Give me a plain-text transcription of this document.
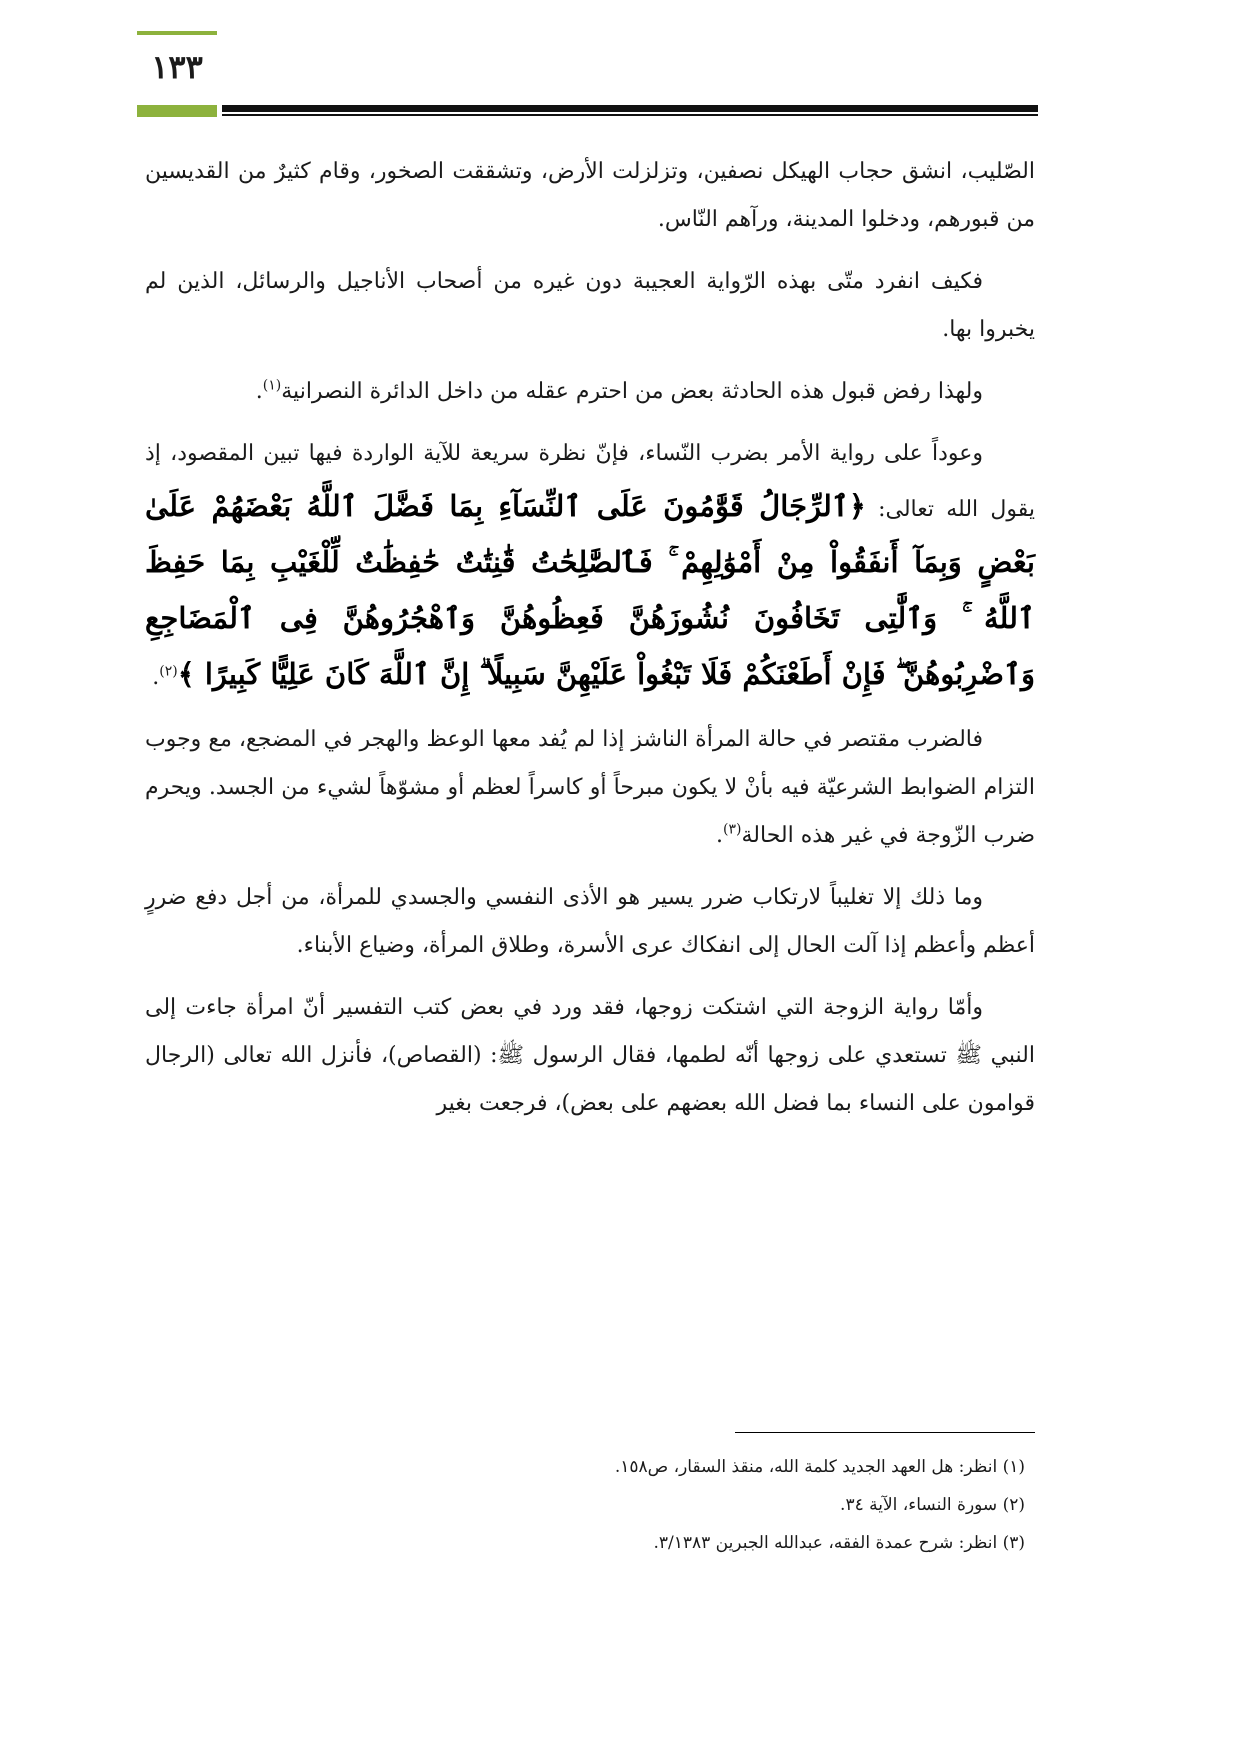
١٣٣

الصّليب، انشق حجاب الهيكل نصفين، وتزلزلت الأرض، وتشققت الصخور، وقام كثيرٌ من القديسين من قبورهم، ودخلوا المدينة، ورآهم النّاس.

فكيف انفرد متّى بهذه الرّواية العجيبة دون غيره من أصحاب الأناجيل والرسائل، الذين لم يخبروا بها.

ولهذا رفض قبول هذه الحادثة بعض من احترم عقله من داخل الدائرة النصرانية$^{(١)}$.

وعوداً على رواية الأمر بضرب النّساء، فإنّ نظرة سريعة للآية الواردة فيها تبين المقصود، إذ يقول الله تعالى: ﴿ٱلرِّجَالُ قَوَّٰمُونَ عَلَى ٱلنِّسَآءِ بِمَا فَضَّلَ ٱللَّهُ بَعْضَهُمْ عَلَىٰ بَعْضٍ وَبِمَآ أَنفَقُواْ مِنْ أَمْوَٰلِهِمْ ۚ فَٱلصَّٰلِحَٰتُ قَٰنِتَٰتٌ حَٰفِظَٰتٌ لِّلْغَيْبِ بِمَا حَفِظَ ٱللَّهُ ۚ وَٱلَّٰتِى تَخَافُونَ نُشُوزَهُنَّ فَعِظُوهُنَّ وَٱهْجُرُوهُنَّ فِى ٱلْمَضَاجِعِ وَٱضْرِبُوهُنَّ ۖ فَإِنْ أَطَعْنَكُمْ فَلَا تَبْغُواْ عَلَيْهِنَّ سَبِيلًا ۗ إِنَّ ٱللَّهَ كَانَ عَلِيًّا كَبِيرًا ﴾$^{(٢)}$.

فالضرب مقتصر في حالة المرأة الناشز إذا لم يُفد معها الوعظ والهجر في المضجع، مع وجوب التزام الضوابط الشرعيّة فيه بأنْ لا يكون مبرحاً أو كاسراً لعظم أو مشوّهاً لشيء من الجسد. ويحرم ضرب الزّوجة في غير هذه الحالة$^{(٣)}$.

وما ذلك إلا تغليباً لارتكاب ضرر يسير هو الأذى النفسي والجسدي للمرأة، من أجل دفع ضررٍ أعظم وأعظم إذا آلت الحال إلى انفكاك عرى الأسرة، وطلاق المرأة، وضياع الأبناء.

وأمّا رواية الزوجة التي اشتكت زوجها، فقد ورد في بعض كتب التفسير أنّ امرأة جاءت إلى النبي ﷺ تستعدي على زوجها أنّه لطمها، فقال الرسول ﷺ: (القصاص)، فأنزل الله تعالى (الرجال قوامون على النساء بما فضل الله بعضهم على بعض)، فرجعت بغير

(١) انظر: هل العهد الجديد كلمة الله، منقذ السقار، ص١٥٨.

(٢) سورة النساء، الآية ٣٤.

(٣) انظر: شرح عمدة الفقه، عبدالله الجبرين ٣/١٣٨٣.
